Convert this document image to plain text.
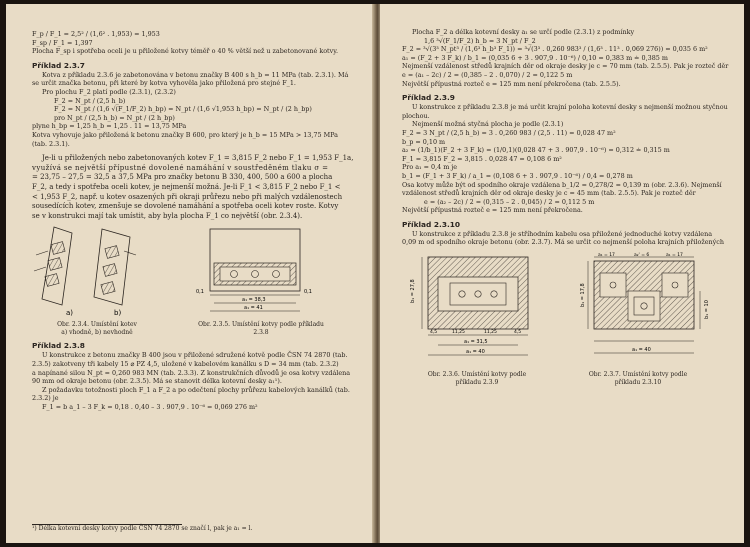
F_p / F_1 = 2,5² / (1,6² . 1,953) = 1,953
F_sp / F_1 = 1,397
Plocha F_sp i spotřeba oceli je u přiložené kotvy téměř o 40 % větší než u zabetonované kotvy.
Příklad 2.3.7
Kotva z příkladu 2.3.6 je zabetonována v betonu značky B 400 s h_b = 11 MPa (tab. 2.3.1). Má
se určit značka betonu, při které by kotva vyhověla jako přiložená pro stejné F_1.
Pro plochu F_2 platí podle (2.3.1), (2.3.2)
F_2 = N_pt / (2,5 h_b)
F_2 = N_pt / (1,6 √(F_1/F_2) h_bp) = N_pt / (1,6 √1,953 h_bp) = N_pt / (2 h_bp)
pro N_pt / (2,5 h_b) = N_pt / (2 h_bp)
plyne h_bp = 1,25 h_b = 1,25 . 11 = 13,75 MPa
Kotva vyhovuje jako přiložená k betonu značky B 600, pro který je h_b = 15 MPa > 13,75 MPa
(tab. 2.3.1).
Je-li u přiložených nebo zabetonovaných kotev F_1 = 3,815 F_2 nebo F_1 = 1,953 F_1a,
využívá se největší přípustné dovolené namáhání v soustředěném tlaku σ =
= 23,75 – 27,5 = 32,5 a 37,5 MPa pro značky betonu B 330, 400, 500 a 600 a plocha
F_2, a tedy i spotřeba oceli kotev, je nejmenší možná. Je-li F_1 < 3,815 F_2 nebo F_1 <
< 1,953 F_2, např. u kotev osazených při okraji průřezu nebo při malých vzdálenostech
sousedících kotev, zmenšuje se dovolené namáhání a spotřeba oceli kotev roste. Kotvy
se v konstrukci mají tak umístit, aby byla plocha F_1 co největší (obr. 2.3.4).
a)	b)
Obr. 2.3.4. Umístění kotev
a) vhodně, b) nevhodně
0,1	0,1
a₁ = 38,3
a₁ = 41
Obr. 2.3.5. Umístění kotvy podle příkladu
2.3.8
Příklad 2.3.8
U konstrukce z betonu značky B 400 jsou v přiložené sdružené kotvě podle ČSN 74 2870 (tab.
2.3.5) zakotveny tři kabely 15 ⌀ PZ 4,5, uložené v kabelovém kanálku s D = 34 mm (tab. 2.3.2)
a napínané silou N_pt = 0,260 983 MN (tab. 2.3.3). Z konstrukčních důvodů je osa kotvy vzdálena
90 mm od okraje betonu (obr. 2.3.5). Má se stanovit délka kotevní desky a₁¹).
Z požadavku totožnosti ploch F_1 a F_2 a po odečtení plochy průřezu kabelových kanálků (tab.
2.3.2) je
F_1 = b a_1 – 3 F_k = 0,18 . 0,40 – 3 . 907,9 . 10⁻⁶ = 0,069 276 m²
¹) Délka kotevní desky kotvy podle ČSN 74 2870 se značí l, pak je a₁ = l.
Plocha F_2 a délka kotevní desky a₁ se určí podle (2.3.1) z podmínky
1,6 ³√(F_1/F_2) h_b = 3 N_pt / F_2
F_2 = ³√(3³ N_pt³ / (1,6³ h_b³ F_1)) = ³√(3³ . 0,260 983³ / (1,6³ . 11³ . 0,069 276)) = 0,035 6 m²
a₁ = (F_2 + 3 F_k) / b_1 = (0,035 6 + 3 . 907,9 . 10⁻⁶) / 0,10 = 0,383 m ≐ 0,385 m
Nejmenší vzdálenost středů krajních děr od okraje desky je c = 70 mm (tab. 2.5.5). Pak je rozteč děr
e = (a₁ – 2c) / 2 = (0,385 – 2 . 0,070) / 2 = 0,122 5 m
Největší přípustná rozteč e = 125 mm není překročena (tab. 2.5.5).
Příklad 2.3.9
U konstrukce z příkladu 2.3.8 je má určit krajní poloha kotevní desky s nejmenší možnou styčnou
plochou.
Nejmenší možná styčná plocha je podle (2.3.1)
F_2 = 3 N_pt / (2,5 h_b) = 3 . 0,260 983 / (2,5 . 11) = 0,028 47 m²
b_p = 0,10 m
a₂ = (1/b_1)(F_2 + 3 F_k) = (1/0,1)(0,028 47 + 3 . 907,9 . 10⁻⁶) = 0,312 ≐ 0,315 m
F_1 = 3,815 F_2 = 3,815 . 0,028 47 = 0,108 6 m²
Pro a₁ = 0,4 m je
b_1 = (F_1 + 3 F_k) / a_1 = (0,108 6 + 3 . 907,9 . 10⁻⁶) / 0,4 = 0,278 m
Osa kotvy může být od spodního okraje vzdálena b_1/2 = 0,278/2 = 0,139 m (obr. 2.3.6). Nejmenší
vzdálenost středů krajních děr od okraje desky je c = 45 mm (tab. 2.5.5). Pak je rozteč děr
e = (a₂ – 2c) / 2 = (0,315 – 2 . 0,045) / 2 = 0,112 5 m
Největší přípustná rozteč e = 125 mm není překročena.
Příklad 2.3.10
U konstrukce z příkladu 2.3.8 je stříhodním kabelu osa přiložené jednoduché kotvy vzdálena
0,09 m od spodního okraje betonu (obr. 2.3.7). Má se určit co nejmenší poloha krajních přiložených
b₁ = 27,8
4,5	11,25	11,25	4,5
a₁ = 31,5
a₁ = 40
Obr. 2.3.6. Umístění kotvy podle
příkladu 2.3.9
a₁ = 17	a₂' = 6	a₁ = 17
b₁ = 17,8
b₁ = 10
a₁ = 40
Obr. 2.3.7. Umístění kotvy podle
příkladu 2.3.10
